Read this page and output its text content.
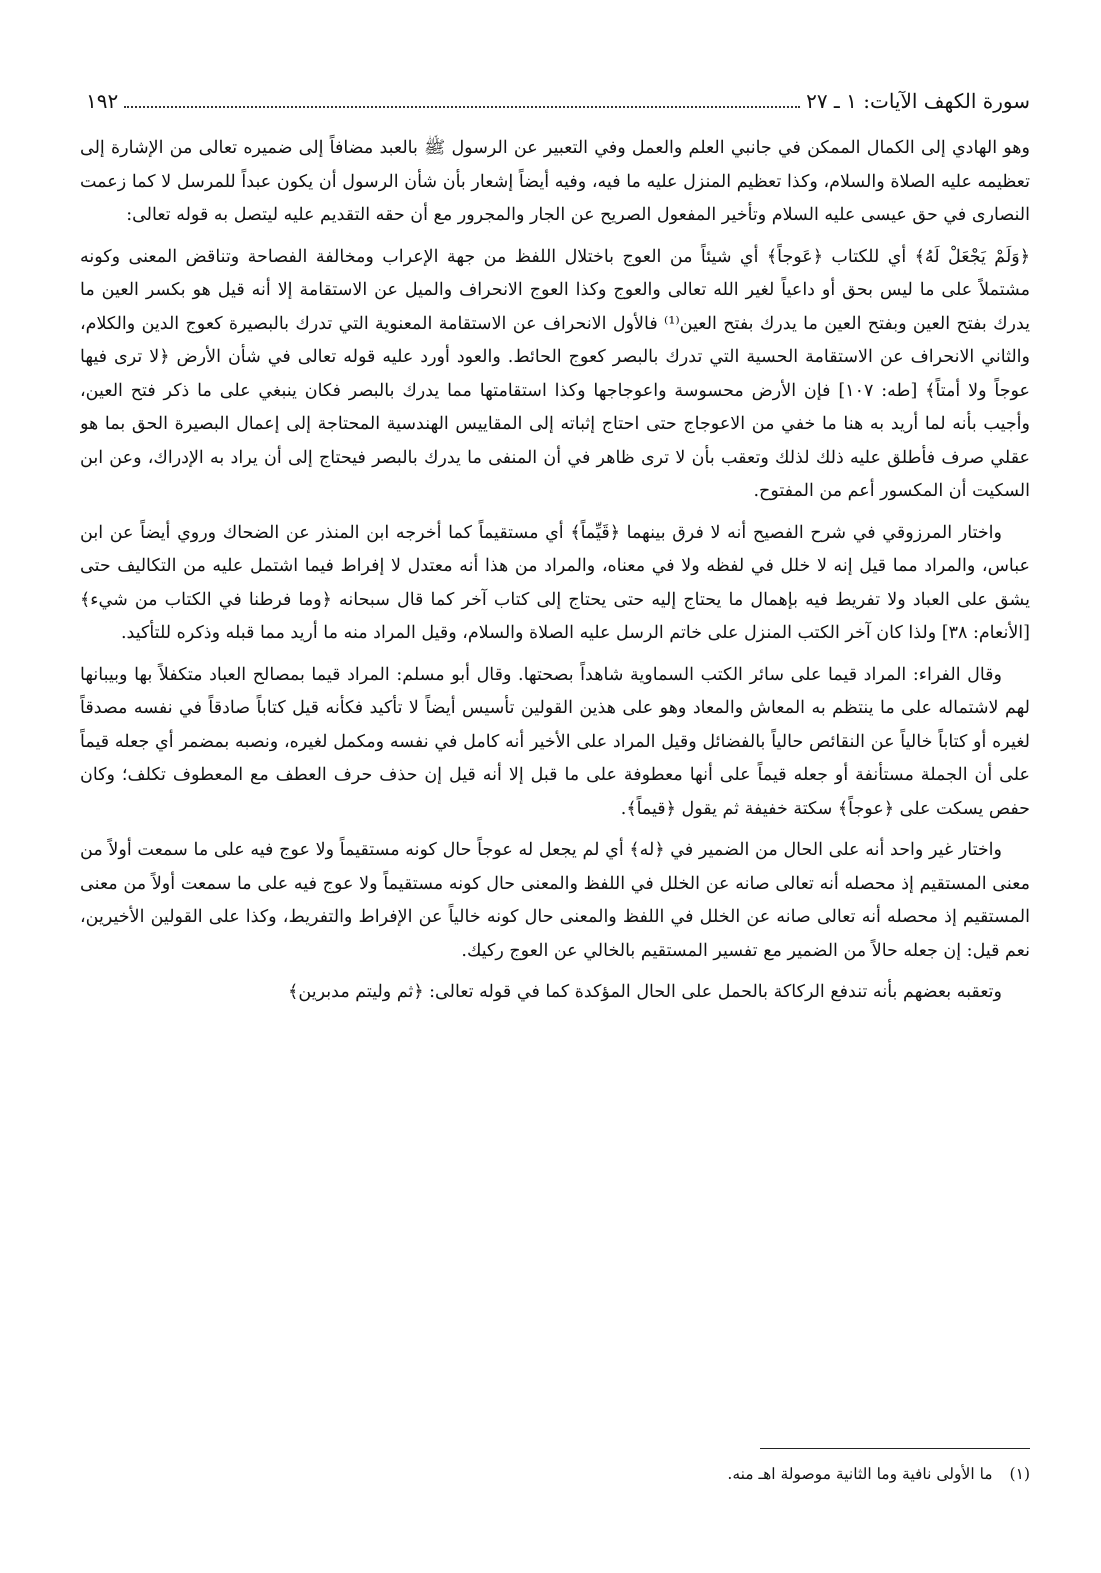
سورة الكهف الآيات: ١ ـ ٢٧
١٩٢

وهو الهادي إلى الكمال الممكن في جانبي العلم والعمل وفي التعبير عن الرسول ﷺ بالعبد مضافاً إلى ضميره تعالى من الإشارة إلى تعظيمه عليه الصلاة والسلام، وكذا تعظيم المنزل عليه ما فيه، وفيه أيضاً إشعار بأن شأن الرسول أن يكون عبداً للمرسل لا كما زعمت النصارى في حق عيسى عليه السلام وتأخير المفعول الصريح عن الجار والمجرور مع أن حقه التقديم عليه ليتصل به قوله تعالى:

﴿وَلَمْ يَجْعَلْ لَهُ﴾ أي للكتاب ﴿عَوجاً﴾ أي شيئاً من العوج باختلال اللفظ من جهة الإعراب ومخالفة الفصاحة وتناقض المعنى وكونه مشتملاً على ما ليس بحق أو داعياً لغير الله تعالى والعوج وكذا العوج الانحراف والميل عن الاستقامة إلا أنه قيل هو بكسر العين ما يدرك بفتح العين وبفتح العين ما يدرك بفتح العين⁽¹⁾ فالأول الانحراف عن الاستقامة المعنوية التي تدرك بالبصيرة كعوج الدين والكلام، والثاني الانحراف عن الاستقامة الحسية التي تدرك بالبصر كعوج الحائط. والعود أورد عليه قوله تعالى في شأن الأرض ﴿لا ترى فيها عوجاً ولا أمتاً﴾ [طه: ١٠٧] فإن الأرض محسوسة واعوجاجها وكذا استقامتها مما يدرك بالبصر فكان ينبغي على ما ذكر فتح العين، وأجيب بأنه لما أريد به هنا ما خفي من الاعوجاج حتى احتاج إثباته إلى المقاييس الهندسية المحتاجة إلى إعمال البصيرة الحق بما هو عقلي صرف فأطلق عليه ذلك لذلك وتعقب بأن لا ترى ظاهر في أن المنفى ما يدرك بالبصر فيحتاج إلى أن يراد به الإدراك، وعن ابن السكيت أن المكسور أعم من المفتوح.

واختار المرزوقي في شرح الفصيح أنه لا فرق بينهما ﴿قَيِّماً﴾ أي مستقيماً كما أخرجه ابن المنذر عن الضحاك وروي أيضاً عن ابن عباس، والمراد مما قيل إنه لا خلل في لفظه ولا في معناه، والمراد من هذا أنه معتدل لا إفراط فيما اشتمل عليه من التكاليف حتى يشق على العباد ولا تفريط فيه بإهمال ما يحتاج إليه حتى يحتاج إلى كتاب آخر كما قال سبحانه ﴿وما فرطنا في الكتاب من شيء﴾ [الأنعام: ٣٨] ولذا كان آخر الكتب المنزل على خاتم الرسل عليه الصلاة والسلام، وقيل المراد منه ما أريد مما قبله وذكره للتأكيد.

وقال الفراء: المراد قيما على سائر الكتب السماوية شاهداً بصحتها. وقال أبو مسلم: المراد قيما بمصالح العباد متكفلاً بها وبيبانها لهم لاشتماله على ما ينتظم به المعاش والمعاد وهو على هذين القولين تأسيس أيضاً لا تأكيد فكأنه قيل كتاباً صادقاً في نفسه مصدقاً لغيره أو كتاباً خالياً عن النقائص حالياً بالفضائل وقيل المراد على الأخير أنه كامل في نفسه ومكمل لغيره، ونصبه بمضمر أي جعله قيماً على أن الجملة مستأنفة أو جعله قيماً على أنها معطوفة على ما قبل إلا أنه قيل إن حذف حرف العطف مع المعطوف تكلف؛ وكان حفص يسكت على ﴿عوجاً﴾ سكتة خفيفة ثم يقول ﴿قيماً﴾.

واختار غير واحد أنه على الحال من الضمير في ﴿له﴾ أي لم يجعل له عوجاً حال كونه مستقيماً ولا عوج فيه على ما سمعت أولاً من معنى المستقيم إذ محصله أنه تعالى صانه عن الخلل في اللفظ والمعنى حال كونه مستقيماً ولا عوج فيه على ما سمعت أولاً من معنى المستقيم إذ محصله أنه تعالى صانه عن الخلل في اللفظ والمعنى حال كونه خالياً عن الإفراط والتفريط، وكذا على القولين الأخيرين، نعم قيل: إن جعله حالاً من الضمير مع تفسير المستقيم بالخالي عن العوج ركيك.

وتعقبه بعضهم بأنه تندفع الركاكة بالحمل على الحال المؤكدة كما في قوله تعالى: ﴿ثم وليتم مدبرين﴾

(١) ما الأولى نافية وما الثانية موصولة اهـ منه.
